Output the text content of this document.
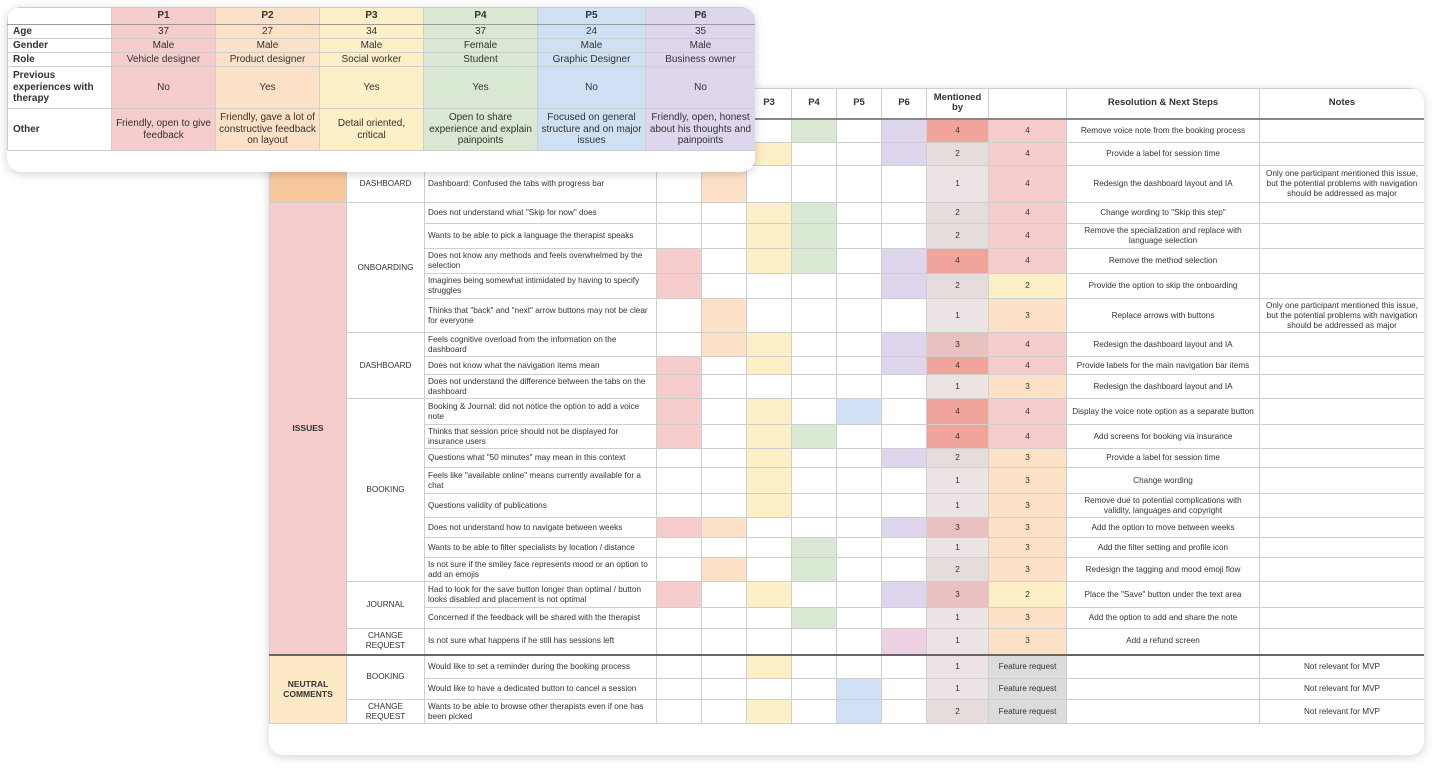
					P3	P4	P5	P6	Mentioned by		Resolution & Next Steps	Notes
									4	4	Remove voice note from the booking process	
									2	4	Provide a label for session time	
	DASHBOARD	Dashboard: Confused the tabs with progress bar							1	4	Redesign the dashboard layout and IA	Only one participant mentioned this issue, but the potential problems with navigation should be addressed as major
ISSUES	ONBOARDING	Does not understand what "Skip for now" does							2	4	Change wording to "Skip this step"	
		Wants to be able to pick a language the therapist speaks							2	4	Remove the specialization and replace with language selection	
		Does not know any methods and feels overwhelmed by the selection							4	4	Remove the method selection	
		Imagines being somewhat intimidated by having to specify struggles							2	2	Provide the option to skip the onboarding	
		Thinks that "back" and "next" arrow buttons may not be clear for everyone							1	3	Replace arrows with buttons	Only one participant mentioned this issue, but the potential problems with navigation should be addressed as major
	DASHBOARD	Feels cognitive overload from the information on the dashboard							3	4	Redesign the dashboard layout and IA	
		Does not know what the navigation items mean							4	4	Provide labels for the main navigation bar items	
		Does not understand the difference between the tabs on the dashboard							1	3	Redesign the dashboard layout and IA	
	BOOKING	Booking & Journal: did not notice the option to add a voice note							4	4	Display the voice note option as a separate button	
		Thinks that session price should not be displayed for insurance users							4	4	Add screens for booking via insurance	
		Questions what "50 minutes" may mean in this context							2	3	Provide a label for session time	
		Feels like "available online" means currently available for a chat							1	3	Change wording	
		Questions validity of publications							1	3	Remove due to potential complications with validity, languages and copyright	
		Does not understand how to navigate between weeks							3	3	Add the option to move between weeks	
		Wants to be able to filter specialists by location / distance							1	3	Add the filter setting and profile icon	
		Is not sure if the smiley face represents mood or an option to add an emojis							2	3	Redesign the tagging and mood emoji flow	
	JOURNAL	Had to look for the save button longer than optimal / button looks disabled and placement is not optimal							3	2	Place the "Save" button under the text area	
		Concerned if the feedback will be shared with the therapist							1	3	Add the option to add and share the note	
	CHANGE REQUEST	Is not sure what happens if he still has sessions left							1	3	Add a refund screen	
NEUTRAL COMMENTS	BOOKING	Would like to set a reminder during the booking process							1	Feature request		Not relevant for MVP
		Would like to have a dedicated button to cancel a session							1	Feature request		Not relevant for MVP
	CHANGE REQUEST	Wants to be able to browse other therapists even if one has been picked							2	Feature request		Not relevant for MVP
	P1	P2	P3	P4	P5	P6
Age	37	27	34	37	24	35
Gender	Male	Male	Male	Female	Male	Male
Role	Vehicle designer	Product designer	Social worker	Student	Graphic Designer	Business owner
Previous experiences with therapy	No	Yes	Yes	Yes	No	No
Other	Friendly, open to give feedback	Friendly, gave a lot of constructive feedback on layout	Detail oriented, critical	Open to share experience and explain painpoints	Focused on general structure and on major issues	Friendly, open, honest about his thoughts and painpoints
